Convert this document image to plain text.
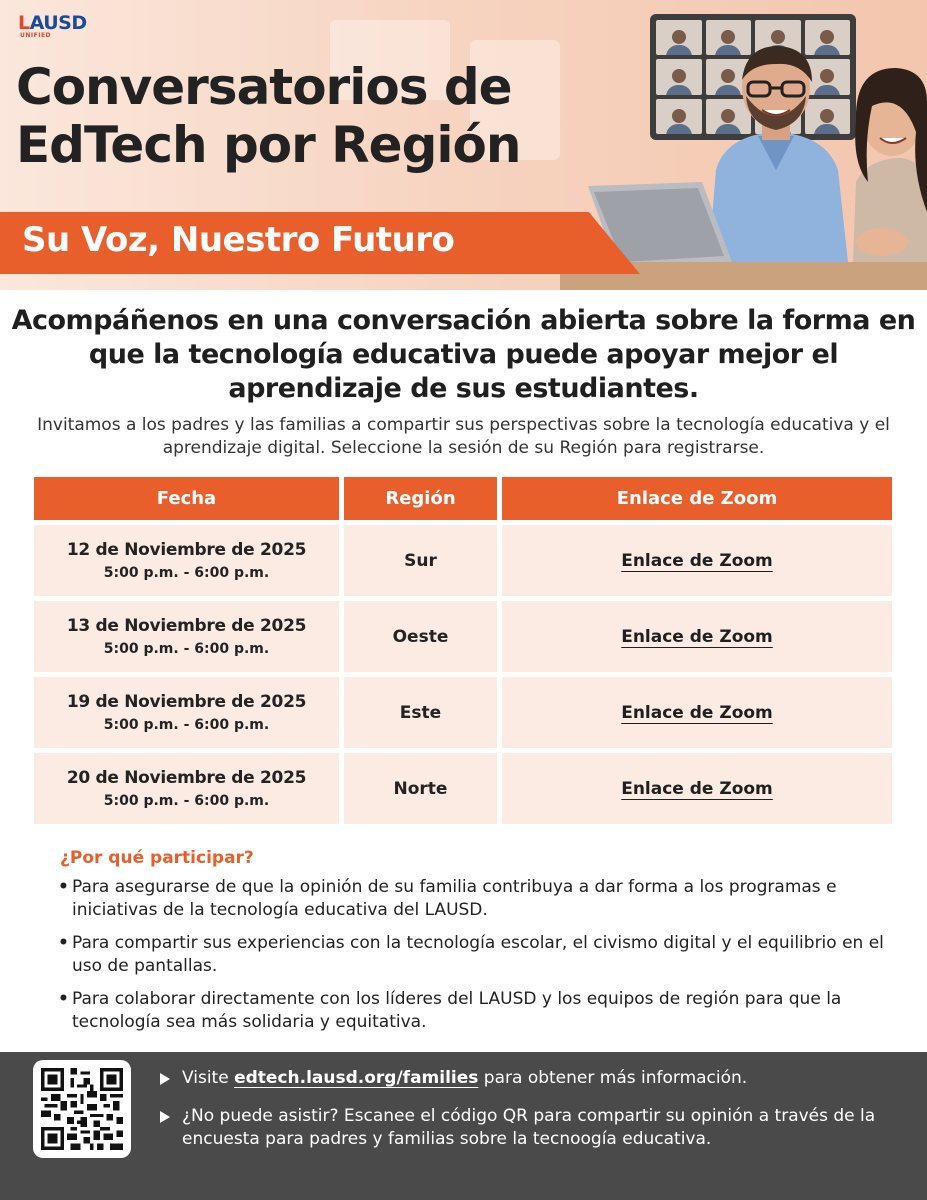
LAUSD
UNIFIED
Conversatorios de
EdTech por Región
Su Voz, Nuestro Futuro
Acompáñenos en una conversación abierta sobre la forma en que la tecnología educativa puede apoyar mejor el aprendizaje de sus estudiantes.

Invitamos a los padres y las familias a compartir sus perspectivas sobre la tecnología educativa y el aprendizaje digital. Seleccione la sesión de su Región para registrarse.

Fecha	Región	Enlace de Zoom
12 de Noviembre de 2025
5:00 p.m. - 6:00 p.m.
Sur	Enlace de Zoom
13 de Noviembre de 2025
5:00 p.m. - 6:00 p.m.
Oeste	Enlace de Zoom
19 de Noviembre de 2025
5:00 p.m. - 6:00 p.m.
Este	Enlace de Zoom
20 de Noviembre de 2025
5:00 p.m. - 6:00 p.m.
Norte	Enlace de Zoom
¿Por qué participar?
• Para asegurarse de que la opinión de su familia contribuya a dar forma a los programas e iniciativas de la tecnología educativa del LAUSD.
• Para compartir sus experiencias con la tecnología escolar, el civismo digital y el equilibrio en el uso de pantallas.
• Para colaborar directamente con los líderes del LAUSD y los equipos de región para que la tecnología sea más solidaria y equitativa.
Visite edtech.lausd.org/families para obtener más información.
¿No puede asistir? Escanee el código QR para compartir su opinión a través de la encuesta para padres y familias sobre la tecnoogía educativa.
